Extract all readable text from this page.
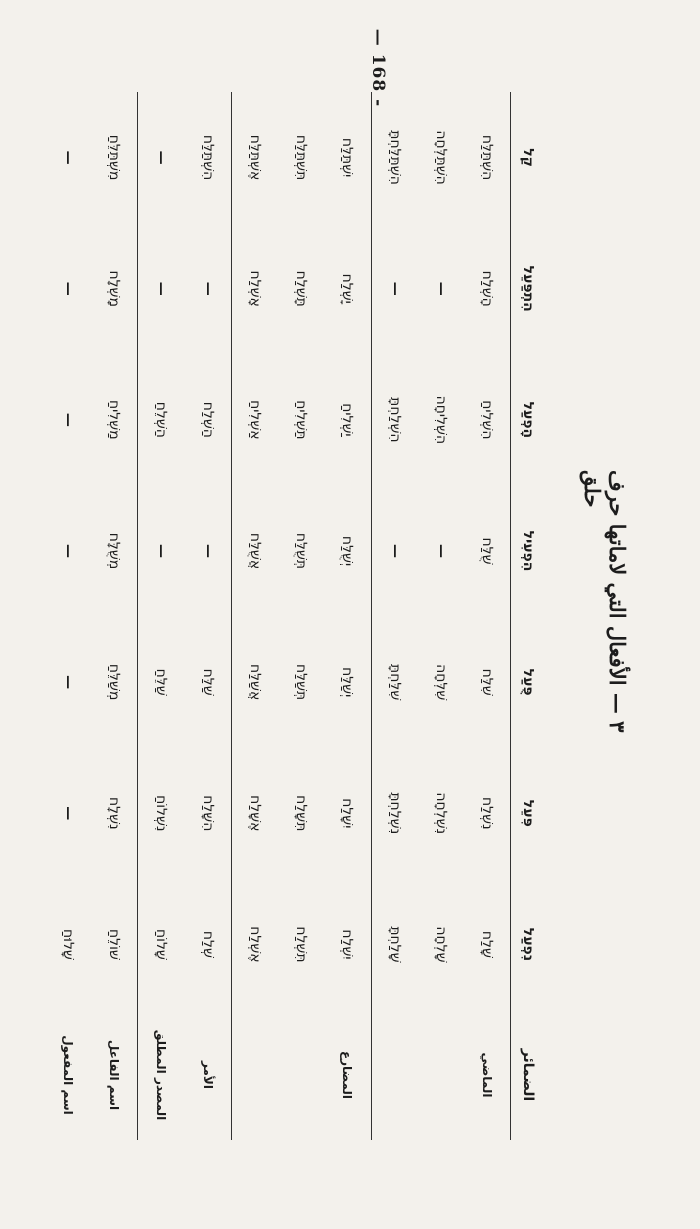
— 168 -
٣ — الأفعال التي لاماتها حرف حلق
الضمائر	נִפְעַל	פִּעֵל	פֻּעַל	הִפְעִיל	הָפְעַל	הִתְפַּעֵל	קַל
الماضي	שָׁלַח	נִשְׁלַח	שִׁלַּח	שֻׁלַּח	הִשְׁלִיחַ	הָשְׁלַח	הִשְׁתַּלַּח
	שָׁלְחָה	נִשְׁלְחָה	שִׁלְּחָה	—	הִשְׁלִיחָה	—	הִשְׁתַּלְּחָה
	שָׁלַחְתָּ	נִשְׁלַחְתָּ	שִׁלַּחְתָּ	—	הִשְׁלַחְתָּ	—	הִשְׁתַּלַּחְתָּ
المضارع	יִשְׁלַח	יִשָּׁלַח	יְשַׁלַּח	יְשֻׁלַּח	יַשְׁלִיחַ	יָשְׁלַח	יִשְׁתַּלַּח
	תִּשְׁלַח	תִּשָּׁלַח	תְּשַׁלַּח	תְּשֻׁלַּח	תַּשְׁלִיחַ	תָּשְׁלַח	תִּשְׁתַּלַּח
	אֶשְׁלַח	אֶשָּׁלַח	אֲשַׁלַּח	אֲשֻׁלַּח	אַשְׁלִיחַ	אָשְׁלַח	אֶשְׁתַּלַּח
الأمر	שְׁלַח	הִשָּׁלַח	שַׁלַּח	—	הַשְׁלַח	—	הִשְׁתַּלַּח
المصدر المطلق	שָׁלוֹחַ	נִשְׁלוֹחַ	שַׁלֵּחַ	—	הַשְׁלֵחַ	—	—
اسم الفاعل	שׁוֹלֵחַ	נִשְׁלָח	מְשַׁלֵּחַ	מְשֻׁלָּח	מַשְׁלִיחַ	מָשְׁלָח	מִשְׁתַּלֵּחַ
اسم المفعول	שָׁלוּחַ	—	—	—	—	—	—
